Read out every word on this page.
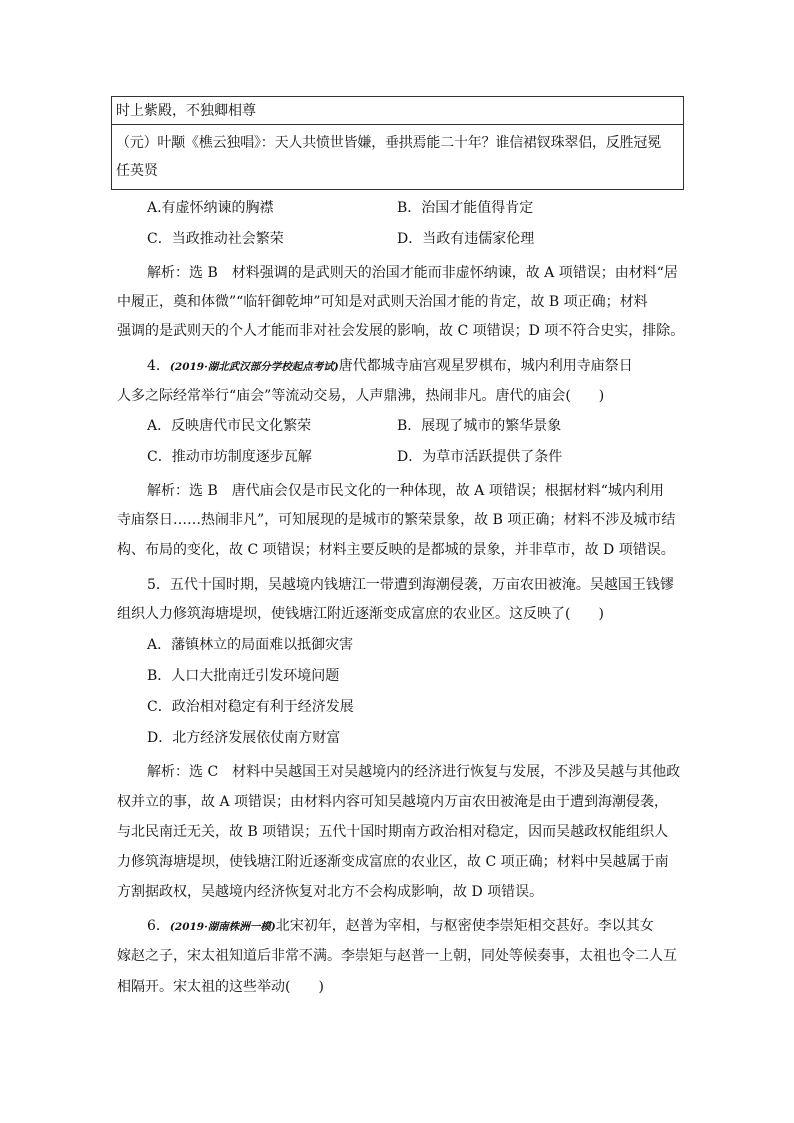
时上紫殿，不独卿相尊
（元）叶颙《樵云独唱》：天人共愤世皆嫌，垂拱焉能二十年？谁信裙钗珠翠侣，反胜冠冕
任英贤
A.有虚怀纳谏的胸襟	B．治国才能值得肯定
C．当政推动社会繁荣	D．当政有违儒家伦理
解析：选 B　材料强调的是武则天的治国才能而非虚怀纳谏，故 A 项错误；由材料“居
中履正，奠和体微”“临轩御乾坤”可知是对武则天治国才能的肯定，故 B 项正确；材料
强调的是武则天的个人才能而非对社会发展的影响，故 C 项错误；D 项不符合史实，排除。
4．(2019·湖北武汉部分学校起点考试)唐代都城寺庙宫观星罗棋布，城内利用寺庙祭日
人多之际经常举行“庙会”等流动交易，人声鼎沸，热闹非凡。唐代的庙会(　　)
A．反映唐代市民文化繁荣	B．展现了城市的繁华景象
C．推动市坊制度逐步瓦解	D．为草市活跃提供了条件
解析：选 B　唐代庙会仅是市民文化的一种体现，故 A 项错误；根据材料“城内利用
寺庙祭日……热闹非凡”，可知展现的是城市的繁荣景象，故 B 项正确；材料不涉及城市结
构、布局的变化，故 C 项错误；材料主要反映的是都城的景象，并非草市，故 D 项错误。
5．五代十国时期，吴越境内钱塘江一带遭到海潮侵袭，万亩农田被淹。吴越国王钱镠
组织人力修筑海塘堤坝，使钱塘江附近逐渐变成富庶的农业区。这反映了(　　)
A．藩镇林立的局面难以抵御灾害
B．人口大批南迁引发环境问题
C．政治相对稳定有利于经济发展
D．北方经济发展依仗南方财富
解析：选 C　材料中吴越国王对吴越境内的经济进行恢复与发展，不涉及吴越与其他政
权并立的事，故 A 项错误；由材料内容可知吴越境内万亩农田被淹是由于遭到海潮侵袭，
与北民南迁无关，故 B 项错误；五代十国时期南方政治相对稳定，因而吴越政权能组织人
力修筑海塘堤坝，使钱塘江附近逐渐变成富庶的农业区，故 C 项正确；材料中吴越属于南
方割据政权，吴越境内经济恢复对北方不会构成影响，故 D 项错误。
6．(2019·湖南株洲一模)北宋初年，赵普为宰相，与枢密使李崇矩相交甚好。李以其女
嫁赵之子，宋太祖知道后非常不满。李崇矩与赵普一上朝，同处等候奏事，太祖也令二人互
相隔开。宋太祖的这些举动(　　)
